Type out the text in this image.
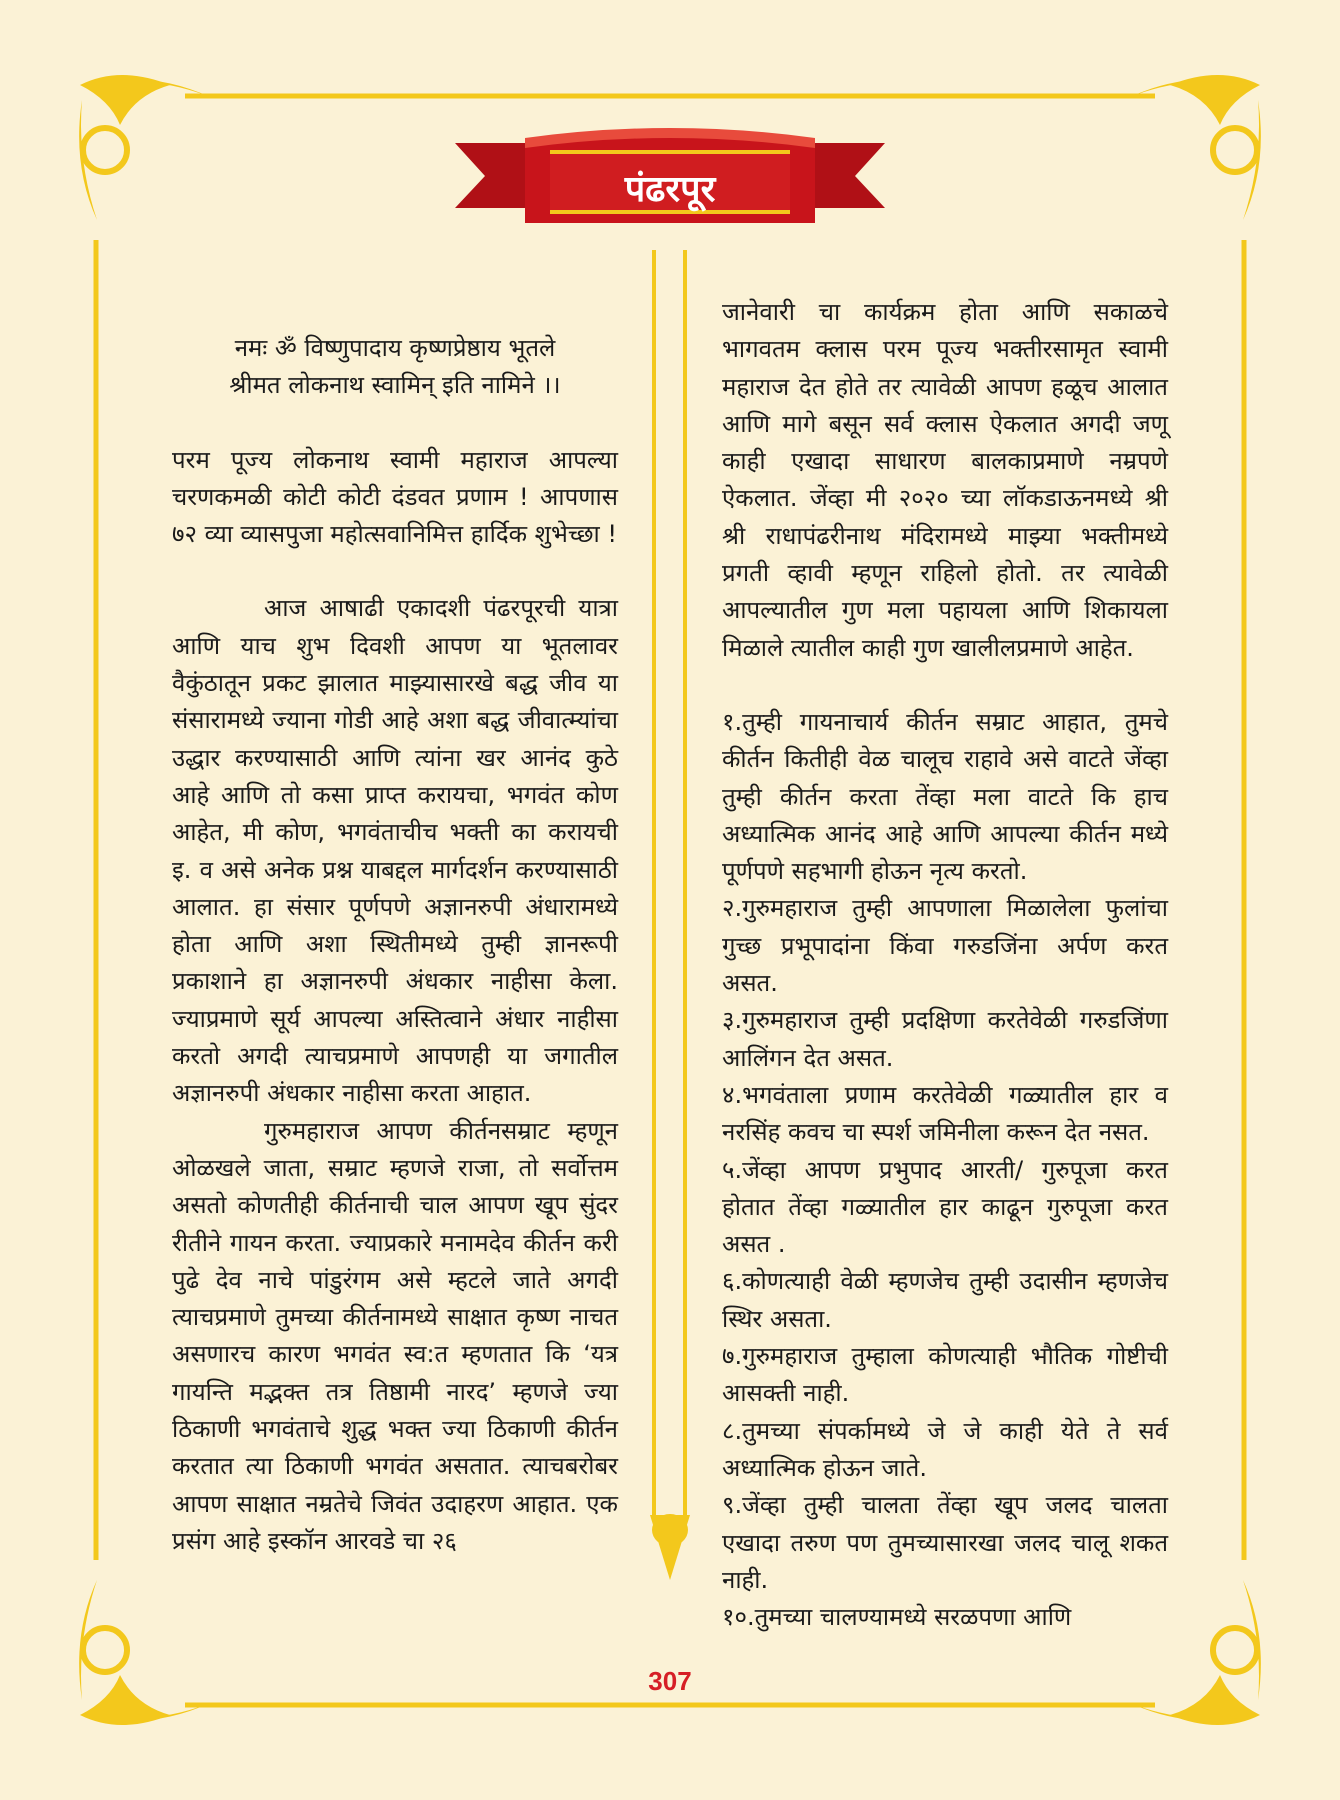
पंढरपूर
नमः ॐ विष्णुपादाय कृष्णप्रेष्ठाय भूतले
श्रीमत लोकनाथ स्वामिन् इति नामिने ।।

परम पूज्य लोकनाथ स्वामी महाराज आपल्या चरणकमळी कोटी कोटी दंडवत प्रणाम ! आपणास ७२ व्या व्यासपुजा महोत्सवानिमित्त हार्दिक शुभेच्छा !

आज आषाढी एकादशी पंढरपूरची यात्रा आणि याच शुभ दिवशी आपण या भूतलावर वैकुंठातून प्रकट झालात माझ्यासारखे बद्ध जीव या संसारामध्ये ज्याना गोडी आहे अशा बद्ध जीवात्म्यांचा उद्धार करण्यासाठी आणि त्यांना खर आनंद कुठे आहे आणि तो कसा प्राप्त करायचा, भगवंत कोण आहेत, मी कोण, भगवंताचीच भक्ती का करायची इ. व असे अनेक प्रश्न याबद्दल मार्गदर्शन करण्यासाठी आलात. हा संसार पूर्णपणे अज्ञानरुपी अंधारामध्ये होता आणि अशा स्थितीमध्ये तुम्ही ज्ञानरूपी प्रकाशाने हा अज्ञानरुपी अंधकार नाहीसा केला. ज्याप्रमाणे सूर्य आपल्या अस्तित्वाने अंधार नाहीसा करतो अगदी त्याचप्रमाणे आपणही या जगातील अज्ञानरुपी अंधकार नाहीसा करता आहात.

गुरुमहाराज आपण कीर्तनसम्राट म्हणून ओळखले जाता, सम्राट म्हणजे राजा, तो सर्वोत्तम असतो कोणतीही कीर्तनाची चाल आपण खूप सुंदर रीतीने गायन करता. ज्याप्रकारे मनामदेव कीर्तन करी पुढे देव नाचे पांडुरंगम असे म्हटले जाते अगदी त्याचप्रमाणे तुमच्या कीर्तनामध्ये साक्षात कृष्ण नाचत असणारच कारण भगवंत स्व:त म्हणतात कि ‘यत्र गायन्ति मद्भक्त तत्र तिष्ठामी नारद’ म्हणजे ज्या ठिकाणी भगवंताचे शुद्ध भक्त ज्या ठिकाणी कीर्तन करतात त्या ठिकाणी भगवंत असतात. त्याचबरोबर आपण साक्षात नम्रतेचे जिवंत उदाहरण आहात. एक प्रसंग आहे इस्कॉन आरवडे चा २६

जानेवारी चा कार्यक्रम होता आणि सकाळचे भागवतम क्लास परम पूज्य भक्तीरसामृत स्वामी महाराज देत होते तर त्यावेळी आपण हळूच आलात आणि मागे बसून सर्व क्लास ऐकलात अगदी जणू काही एखादा साधारण बालकाप्रमाणे नम्रपणे ऐकलात. जेंव्हा मी २०२० च्या लॉकडाऊनमध्ये श्री श्री राधापंढरीनाथ मंदिरामध्ये माझ्या भक्तीमध्ये प्रगती व्हावी म्हणून राहिलो होतो. तर त्यावेळी आपल्यातील गुण मला पहायला आणि शिकायला मिळाले त्यातील काही गुण खालीलप्रमाणे आहेत.

१.तुम्ही गायनाचार्य कीर्तन सम्राट आहात, तुमचे कीर्तन कितीही वेळ चालूच राहावे असे वाटते जेंव्हा तुम्ही कीर्तन करता तेंव्हा मला वाटते कि हाच अध्यात्मिक आनंद आहे आणि आपल्या कीर्तन मध्ये पूर्णपणे सहभागी होऊन नृत्य करतो.

२.गुरुमहाराज तुम्ही आपणाला मिळालेला फुलांचा गुच्छ प्रभूपादांना किंवा गरुडजिंना अर्पण करत असत.

३.गुरुमहाराज तुम्ही प्रदक्षिणा करतेवेळी गरुडजिंणा आलिंगन देत असत.

४.भगवंताला प्रणाम करतेवेळी गळ्यातील हार व नरसिंह कवच चा स्पर्श जमिनीला करून देत नसत.

५.जेंव्हा आपण प्रभुपाद आरती/ गुरुपूजा करत होतात तेंव्हा गळ्यातील हार काढून गुरुपूजा करत असत .

६.कोणत्याही वेळी म्हणजेच तुम्ही उदासीन म्हणजेच स्थिर असता.

७.गुरुमहाराज तुम्हाला कोणत्याही भौतिक गोष्टीची आसक्ती नाही.

८.तुमच्या संपर्कामध्ये जे जे काही येते ते सर्व अध्यात्मिक होऊन जाते.

९.जेंव्हा तुम्ही चालता तेंव्हा खूप जलद चालता एखादा तरुण पण तुमच्यासारखा जलद चालू शकत नाही.

१०.तुमच्या चालण्यामध्ये सरळपणा आणि

307
